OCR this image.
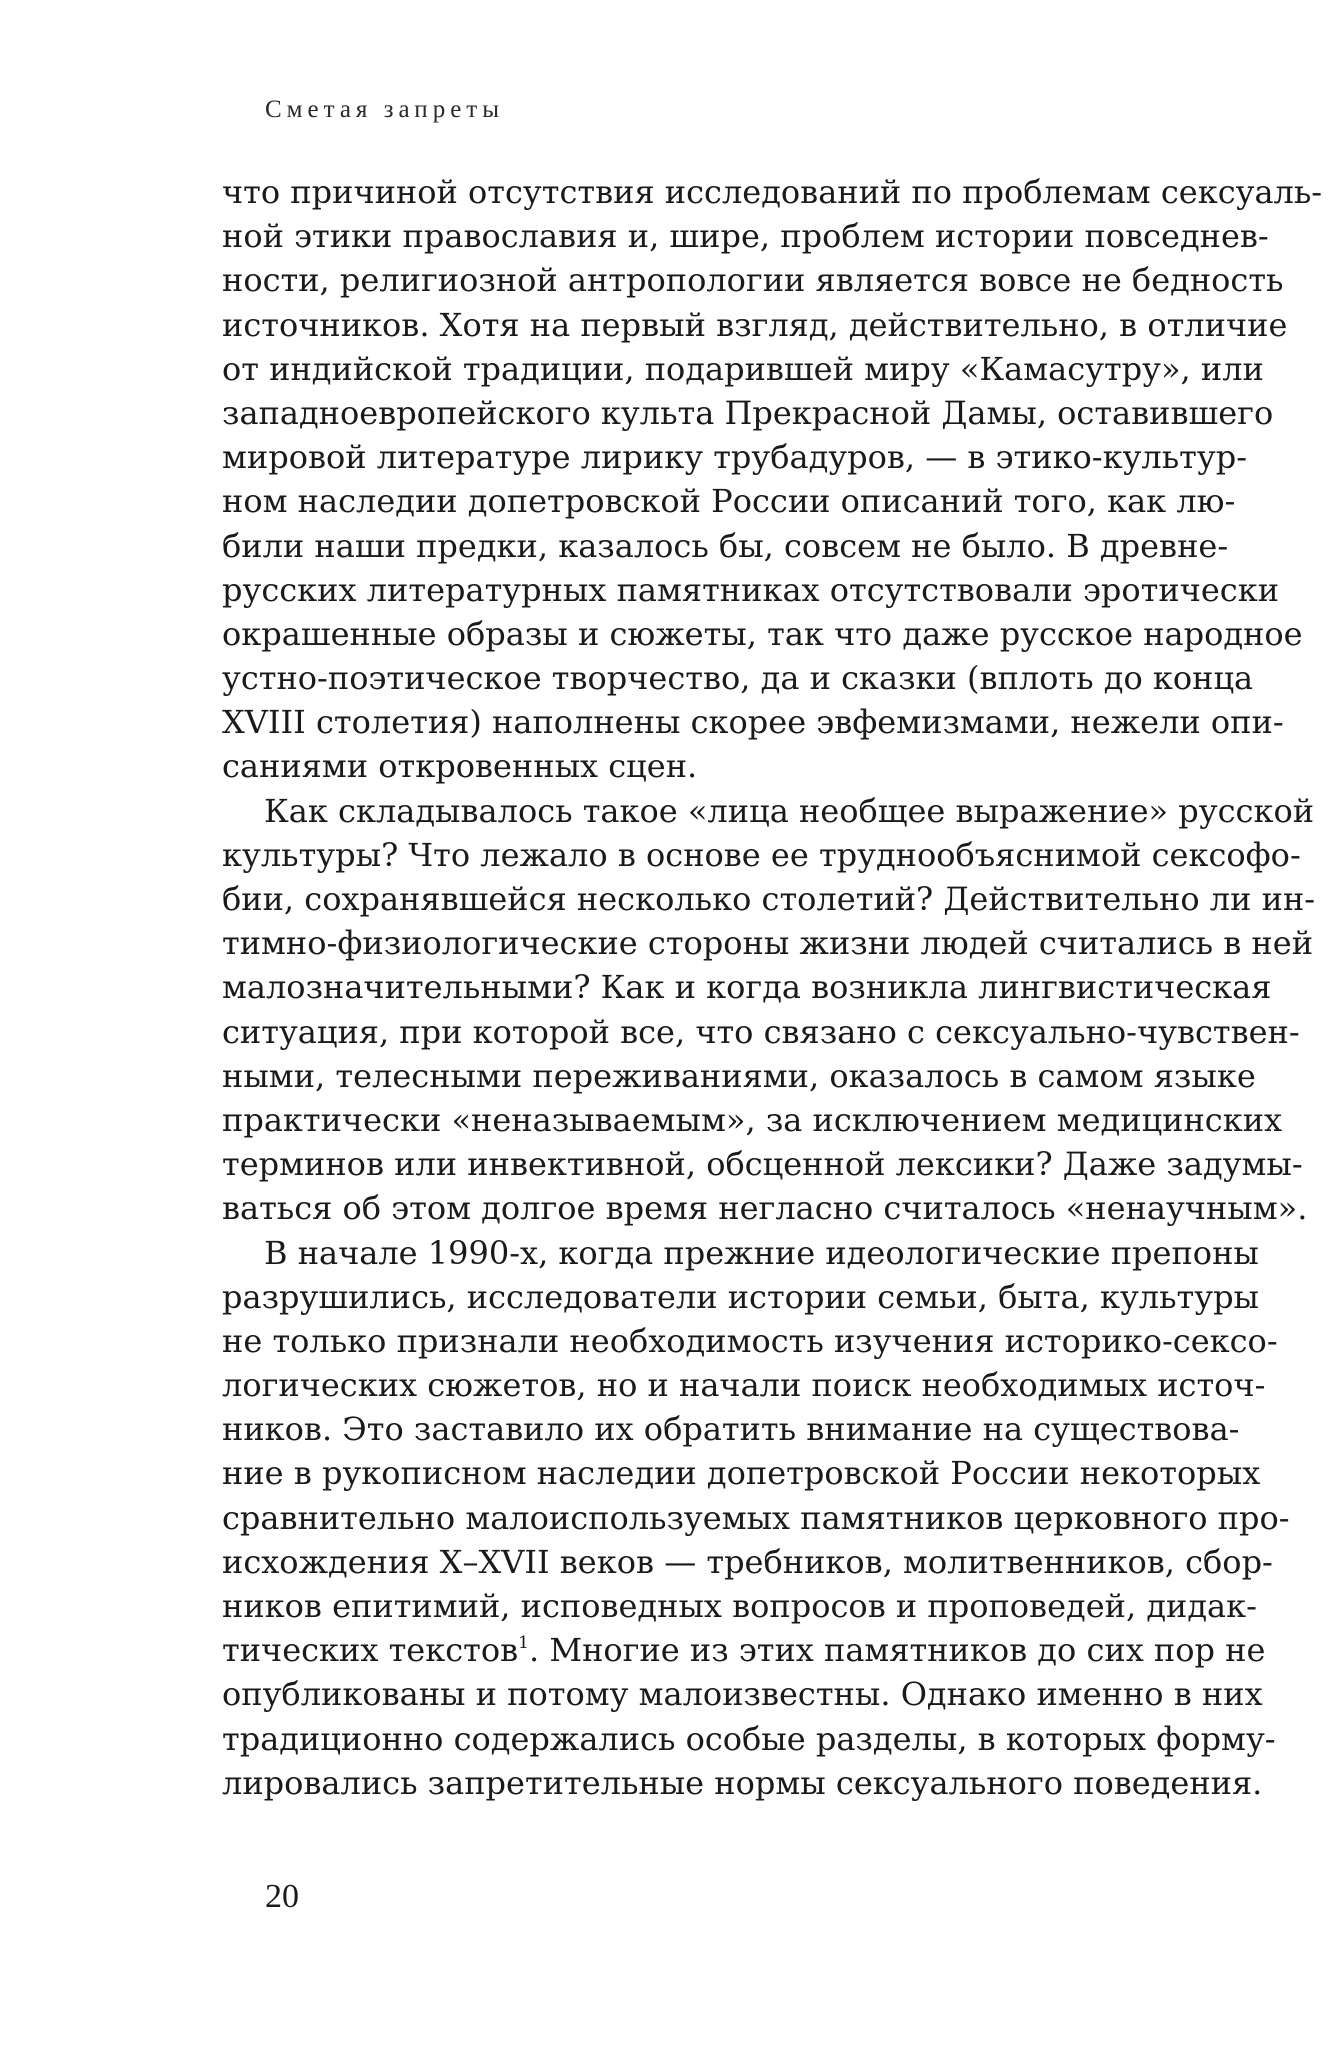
Сметая запреты
что причиной отсутствия исследований по проблемам сексуаль-
ной этики православия и, шире, проблем истории повседнев-
ности, религиозной антропологии является вовсе не бедность
источников. Хотя на первый взгляд, действительно, в отличие
от индийской традиции, подарившей миру «Камасутру», или
западноевропейского культа Прекрасной Дамы, оставившего
мировой литературе лирику трубадуров, — в этико-культур-
ном наследии допетровской России описаний того, как лю-
били наши предки, казалось бы, совсем не было. В древне-
русских литературных памятниках отсутствовали эротически
окрашенные образы и сюжеты, так что даже русское народное
устно-поэтическое творчество, да и сказки (вплоть до конца
XVIII столетия) наполнены скорее эвфемизмами, нежели опи-
саниями откровенных сцен.
Как складывалось такое «лица необщее выражение» русской
культуры? Что лежало в основе ее труднообъяснимой сексофо-
бии, сохранявшейся несколько столетий? Действительно ли ин-
тимно-физиологические стороны жизни людей считались в ней
малозначительными? Как и когда возникла лингвистическая
ситуация, при которой все, что связано с сексуально-чувствен-
ными, телесными переживаниями, оказалось в самом языке
практически «неназываемым», за исключением медицинских
терминов или инвективной, обсценной лексики? Даже задумы-
ваться об этом долгое время негласно считалось «ненаучным».
В начале 1990-х, когда прежние идеологические препоны
разрушились, исследователи истории семьи, быта, культуры
не только признали необходимость изучения историко-сексо-
логических сюжетов, но и начали поиск необходимых источ-
ников. Это заставило их обратить внимание на существова-
ние в рукописном наследии допетровской России некоторых
сравнительно малоиспользуемых памятников церковного про-
исхождения X–XVII веков — требников, молитвенников, сбор-
ников епитимий, исповедных вопросов и проповедей, дидак-
тических текстов$^1$. Многие из этих памятников до сих пор не
опубликованы и потому малоизвестны. Однако именно в них
традиционно содержались особые разделы, в которых форму-
лировались запретительные нормы сексуального поведения.
20
